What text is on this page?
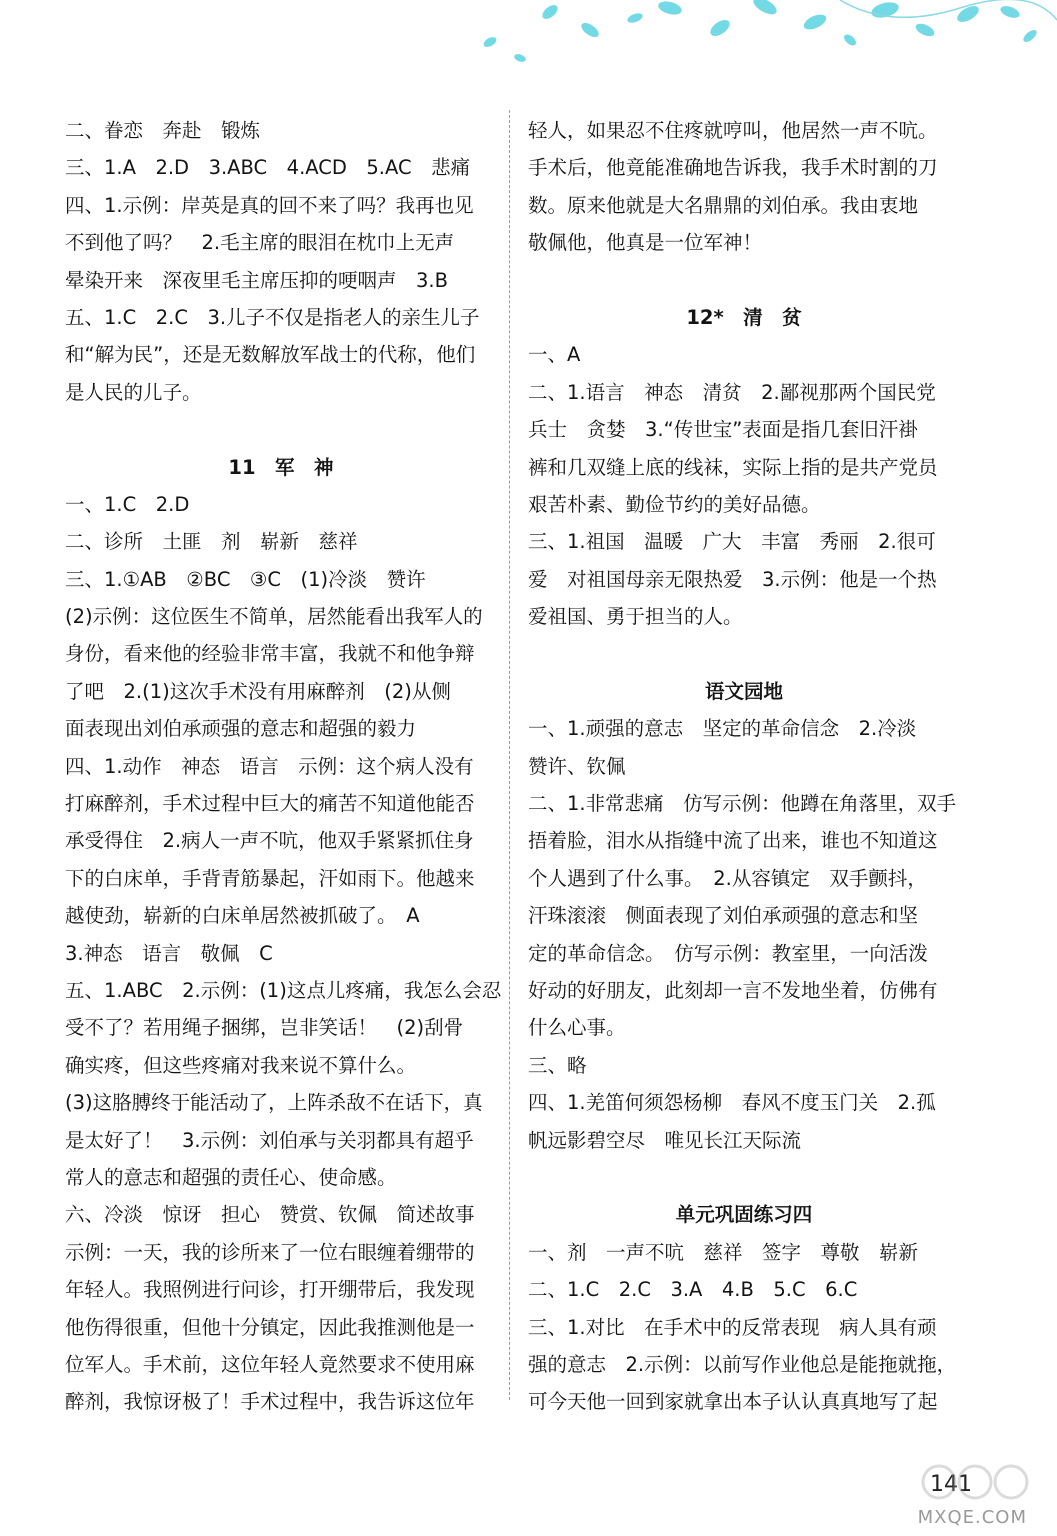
二、眷恋　奔赴　锻炼
三、1.A　2.D　3.ABC　4.ACD　5.AC　悲痛
四、1.示例：岸英是真的回不来了吗？我再也见
不到他了吗？　2.毛主席的眼泪在枕巾上无声
晕染开来　深夜里毛主席压抑的哽咽声　3.B
五、1.C　2.C　3.儿子不仅是指老人的亲生儿子
和“解为民”，还是无数解放军战士的代称，他们
是人民的儿子。
11　军　神
一、1.C　2.D
二、诊所　土匪　剂　崭新　慈祥
三、1.①AB　②BC　③C　(1)冷淡　赞许
(2)示例：这位医生不简单，居然能看出我军人的
身份，看来他的经验非常丰富，我就不和他争辩
了吧　2.(1)这次手术没有用麻醉剂　(2)从侧
面表现出刘伯承顽强的意志和超强的毅力
四、1.动作　神态　语言　示例：这个病人没有
打麻醉剂，手术过程中巨大的痛苦不知道他能否
承受得住　2.病人一声不吭，他双手紧紧抓住身
下的白床单，手背青筋暴起，汗如雨下。他越来
越使劲，崭新的白床单居然被抓破了。　A
3.神态　语言　敬佩　C
五、1.ABC　2.示例：(1)这点儿疼痛，我怎么会忍
受不了？若用绳子捆绑，岂非笑话！　(2)刮骨
确实疼，但这些疼痛对我来说不算什么。
(3)这胳膊终于能活动了，上阵杀敌不在话下，真
是太好了！　3.示例：刘伯承与关羽都具有超乎
常人的意志和超强的责任心、使命感。
六、冷淡　惊讶　担心　赞赏、钦佩　简述故事
示例：一天，我的诊所来了一位右眼缠着绷带的
年轻人。我照例进行问诊，打开绷带后，我发现
他伤得很重，但他十分镇定，因此我推测他是一
位军人。手术前，这位年轻人竟然要求不使用麻
醉剂，我惊讶极了！手术过程中，我告诉这位年
轻人，如果忍不住疼就哼叫，他居然一声不吭。
手术后，他竟能准确地告诉我，我手术时割的刀
数。原来他就是大名鼎鼎的刘伯承。我由衷地
敬佩他，他真是一位军神！
12*　清　贫
一、A
二、1.语言　神态　清贫　2.鄙视那两个国民党
兵士　贪婪　3.“传世宝”表面是指几套旧汗褂
裤和几双缝上底的线袜，实际上指的是共产党员
艰苦朴素、勤俭节约的美好品德。
三、1.祖国　温暖　广大　丰富　秀丽　2.很可
爱　对祖国母亲无限热爱　3.示例：他是一个热
爱祖国、勇于担当的人。
语文园地
一、1.顽强的意志　坚定的革命信念　2.冷淡
赞许、钦佩
二、1.非常悲痛　仿写示例：他蹲在角落里，双手
捂着脸，泪水从指缝中流了出来，谁也不知道这
个人遇到了什么事。　2.从容镇定　双手颤抖，
汗珠滚滚　侧面表现了刘伯承顽强的意志和坚
定的革命信念。　仿写示例：教室里，一向活泼
好动的好朋友，此刻却一言不发地坐着，仿佛有
什么心事。
三、略
四、1.羌笛何须怨杨柳　春风不度玉门关　2.孤
帆远影碧空尽　唯见长江天际流
单元巩固练习四
一、剂　一声不吭　慈祥　签字　尊敬　崭新
二、1.C　2.C　3.A　4.B　5.C　6.C
三、1.对比　在手术中的反常表现　病人具有顽
强的意志　2.示例：以前写作业他总是能拖就拖，
可今天他一回到家就拿出本子认认真真地写了起
141
MXQE.COM
